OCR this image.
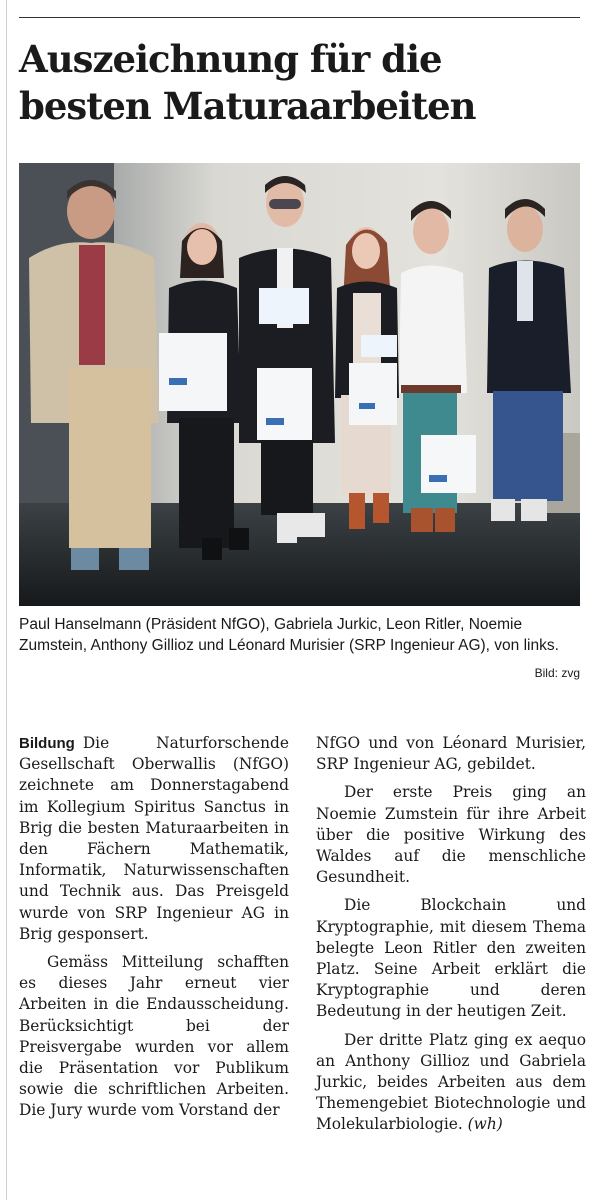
Auszeichnung für die besten Maturaarbeiten

Paul Hanselmann (Präsident NfGO), Gabriela Jurkic, Leon Ritler, Noemie Zumstein, Anthony Gillioz und Léonard Murisier (SRP Ingenieur AG), von links.

Bild: zvg

Bildung Die Naturforschende Gesellschaft Oberwallis (NfGO) zeichnete am Donnerstagabend im Kollegium Spiritus Sanctus in Brig die besten Maturaarbeiten in den Fächern Mathematik, Informatik, Naturwissenschaften und Technik aus. Das Preisgeld wurde von SRP Ingenieur AG in Brig gesponsert.

Gemäss Mitteilung schafften es dieses Jahr erneut vier Arbeiten in die Endausscheidung. Berücksichtigt bei der Preisvergabe wurden vor allem die Präsentation vor Publikum sowie die schriftlichen Arbeiten. Die Jury wurde vom Vorstand der

NfGO und von Léonard Murisier, SRP Ingenieur AG, gebildet.

Der erste Preis ging an Noemie Zumstein für ihre Arbeit über die positive Wirkung des Waldes auf die menschliche Gesundheit.

Die Blockchain und Kryptographie, mit diesem Thema belegte Leon Ritler den zweiten Platz. Seine Arbeit erklärt die Kryptographie und deren Bedeutung in der heutigen Zeit.

Der dritte Platz ging ex aequo an Anthony Gillioz und Gabriela Jurkic, beides Arbeiten aus dem Themengebiet Biotechnologie und Molekularbiologie. (wh)
